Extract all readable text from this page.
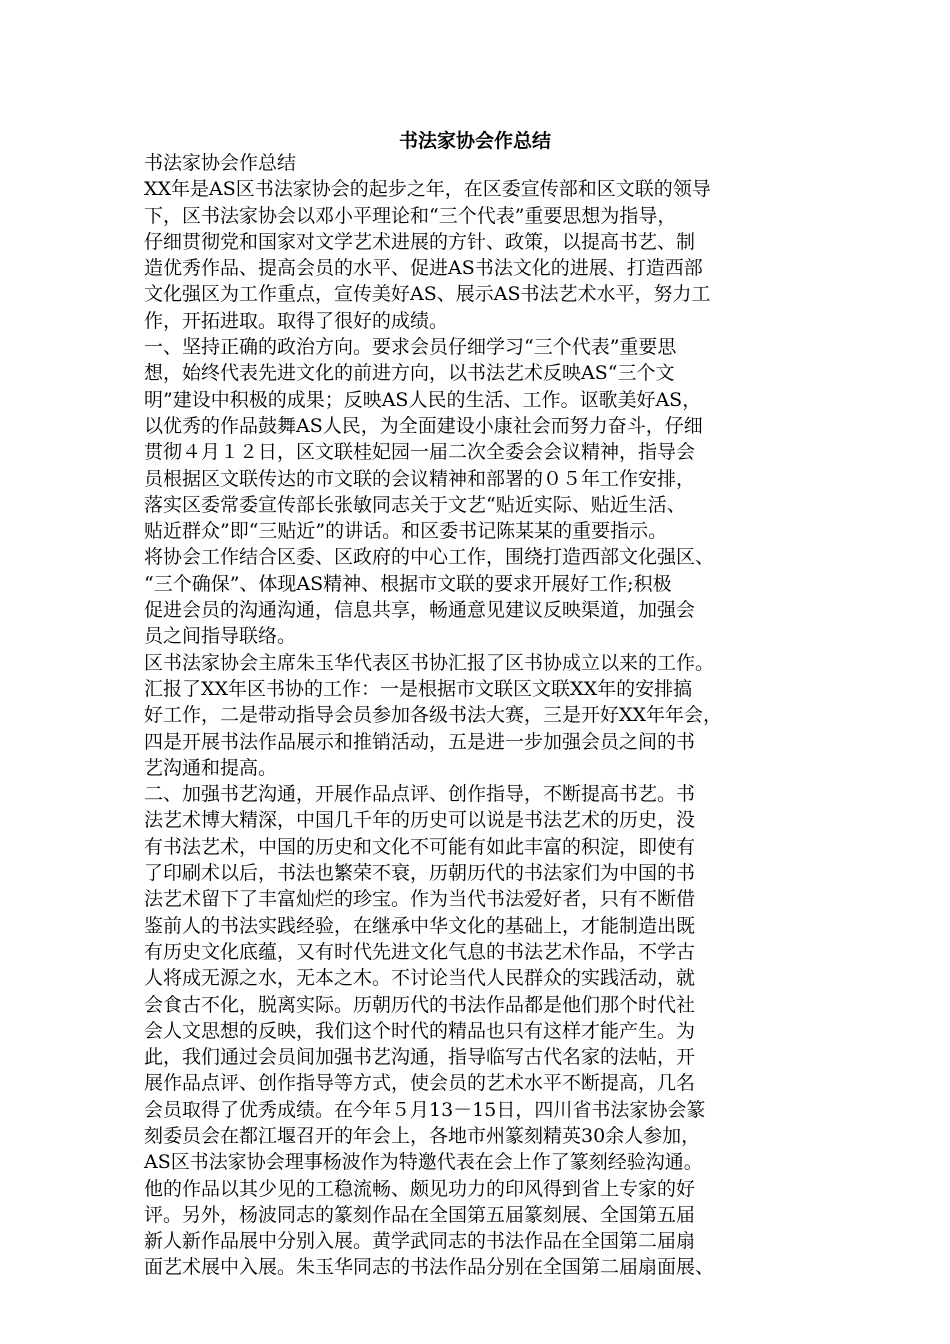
书法家协会作总结
书法家协会作总结
XX年是AS区书法家协会的起步之年，在区委宣传部和区文联的领导
下，区书法家协会以邓小平理论和“三个代表”重要思想为指导，
仔细贯彻党和国家对文学艺术进展的方针、政策，以提高书艺、制
造优秀作品、提高会员的水平、促进AS书法文化的进展、打造西部
文化强区为工作重点，宣传美好AS、展示AS书法艺术水平，努力工
作，开拓进取。取得了很好的成绩。
一、坚持正确的政治方向。要求会员仔细学习“三个代表”重要思
想，始终代表先进文化的前进方向，以书法艺术反映AS“三个文
明”建设中积极的成果；反映AS人民的生活、工作。讴歌美好AS，
以优秀的作品鼓舞AS人民，为全面建设小康社会而努力奋斗，仔细
贯彻４月１２日，区文联桂妃园一届二次全委会会议精神，指导会
员根据区文联传达的市文联的会议精神和部署的０５年工作安排，
落实区委常委宣传部长张敏同志关于文艺“贴近实际、贴近生活、
贴近群众”即“三贴近”的讲话。和区委书记陈某某的重要指示。
将协会工作结合区委、区政府的中心工作，围绕打造西部文化强区、
“三个确保”、体现AS精神、根据市文联的要求开展好工作;积极
促进会员的沟通沟通，信息共享，畅通意见建议反映渠道，加强会
员之间指导联络。
区书法家协会主席朱玉华代表区书协汇报了区书协成立以来的工作。
汇报了XX年区书协的工作：一是根据市文联区文联XX年的安排搞
好工作，二是带动指导会员参加各级书法大赛，三是开好XX年年会，
四是开展书法作品展示和推销活动，五是进一步加强会员之间的书
艺沟通和提高。
二、加强书艺沟通，开展作品点评、创作指导，不断提高书艺。书
法艺术博大精深，中国几千年的历史可以说是书法艺术的历史，没
有书法艺术，中国的历史和文化不可能有如此丰富的积淀，即使有
了印刷术以后，书法也繁荣不衰，历朝历代的书法家们为中国的书
法艺术留下了丰富灿烂的珍宝。作为当代书法爱好者，只有不断借
鉴前人的书法实践经验，在继承中华文化的基础上，才能制造出既
有历史文化底蕴，又有时代先进文化气息的书法艺术作品，不学古
人将成无源之水，无本之木。不讨论当代人民群众的实践活动，就
会食古不化，脱离实际。历朝历代的书法作品都是他们那个时代社
会人文思想的反映，我们这个时代的精品也只有这样才能产生。为
此，我们通过会员间加强书艺沟通，指导临写古代名家的法帖，开
展作品点评、创作指导等方式，使会员的艺术水平不断提高，几名
会员取得了优秀成绩。在今年５月13－15日，四川省书法家协会篆
刻委员会在都江堰召开的年会上，各地市州篆刻精英30余人参加，
AS区书法家协会理事杨波作为特邀代表在会上作了篆刻经验沟通。
他的作品以其少见的工稳流畅、颇见功力的印风得到省上专家的好
评。另外，杨波同志的篆刻作品在全国第五届篆刻展、全国第五届
新人新作品展中分别入展。黄学武同志的书法作品在全国第二届扇
面艺术展中入展。朱玉华同志的书法作品分别在全国第二届扇面展、
